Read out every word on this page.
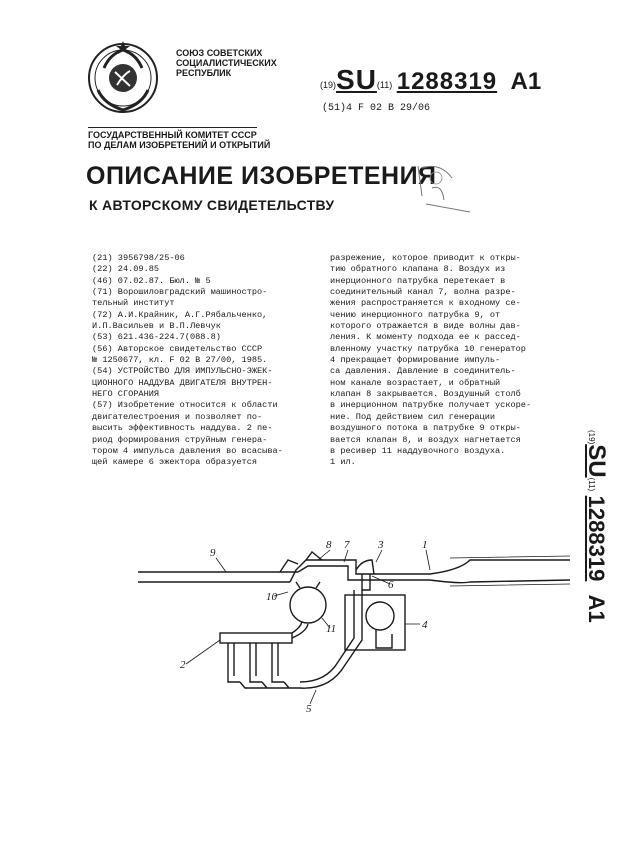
СОЮЗ СОВЕТСКИХ
СОЦИАЛИСТИЧЕСКИХ
РЕСПУБЛИК
(19)SU(11) 1288319 A1
(51)4 F 02 B 29/06
ГОСУДАРСТВЕННЫЙ КОМИТЕТ СССР
ПО ДЕЛАМ ИЗОБРЕТЕНИЙ И ОТКРЫТИЙ
ОПИСАНИЕ ИЗОБРЕТЕНИЯ
К АВТОРСКОМУ СВИДЕТЕЛЬСТВУ
(21) 3956798/25-06
(22) 24.09.85
(46) 07.02.87. Бюл. № 5
(71) Ворошиловградский машиностро-
тельный институт
(72) А.И.Крайник, А.Г.Рябальченко,
И.П.Васильев и В.П.Левчук
(53) 621.436-224.7(088.8)
(56) Авторское свидетельство СССР
№ 1250677, кл. F 02 B 27/00, 1985.
(54) УСТРОЙСТВО ДЛЯ ИМПУЛЬСНО-ЭЖЕК-
ЦИОННОГО НАДДУВА ДВИГАТЕЛЯ ВНУТРЕН-
НЕГО СГОРАНИЯ
(57) Изобретение относится к области
двигателестроения и позволяет по-
высить эффективность наддува. 2 пе-
риод формирования струйным генера-
тором 4 импульса давления во всасыва-
щей камере 6 эжектора образуется
разрежение, которое приводит к откры-
тию обратного клапана 8. Воздух из
инерционного патрубка перетекает в
соединительный канал 7, волна разре-
жения распространяется к входному се-
чению инерционного патрубка 9, от
которого отражается в виде волны дав-
ления. К моменту подхода ее к рассед-
вленному участку патрубка 10 генератор
4 прекращает формирование импуль-
са давления. Давление в соединитель-
ном канале возрастает, и обратный
клапан 8 закрывается. Воздушный столб
в инерционном патрубке получает ускоре-
ние. Под действием сил генерации
воздушного потока в патрубке 9 откры-
вается клапан 8, и воздух нагнетается
в ресивер 11 наддувочного воздуха.
1 ил.
(19)SU(11) 1288319   A1
9
8 7	3	1
6
10
11	4
2
5
